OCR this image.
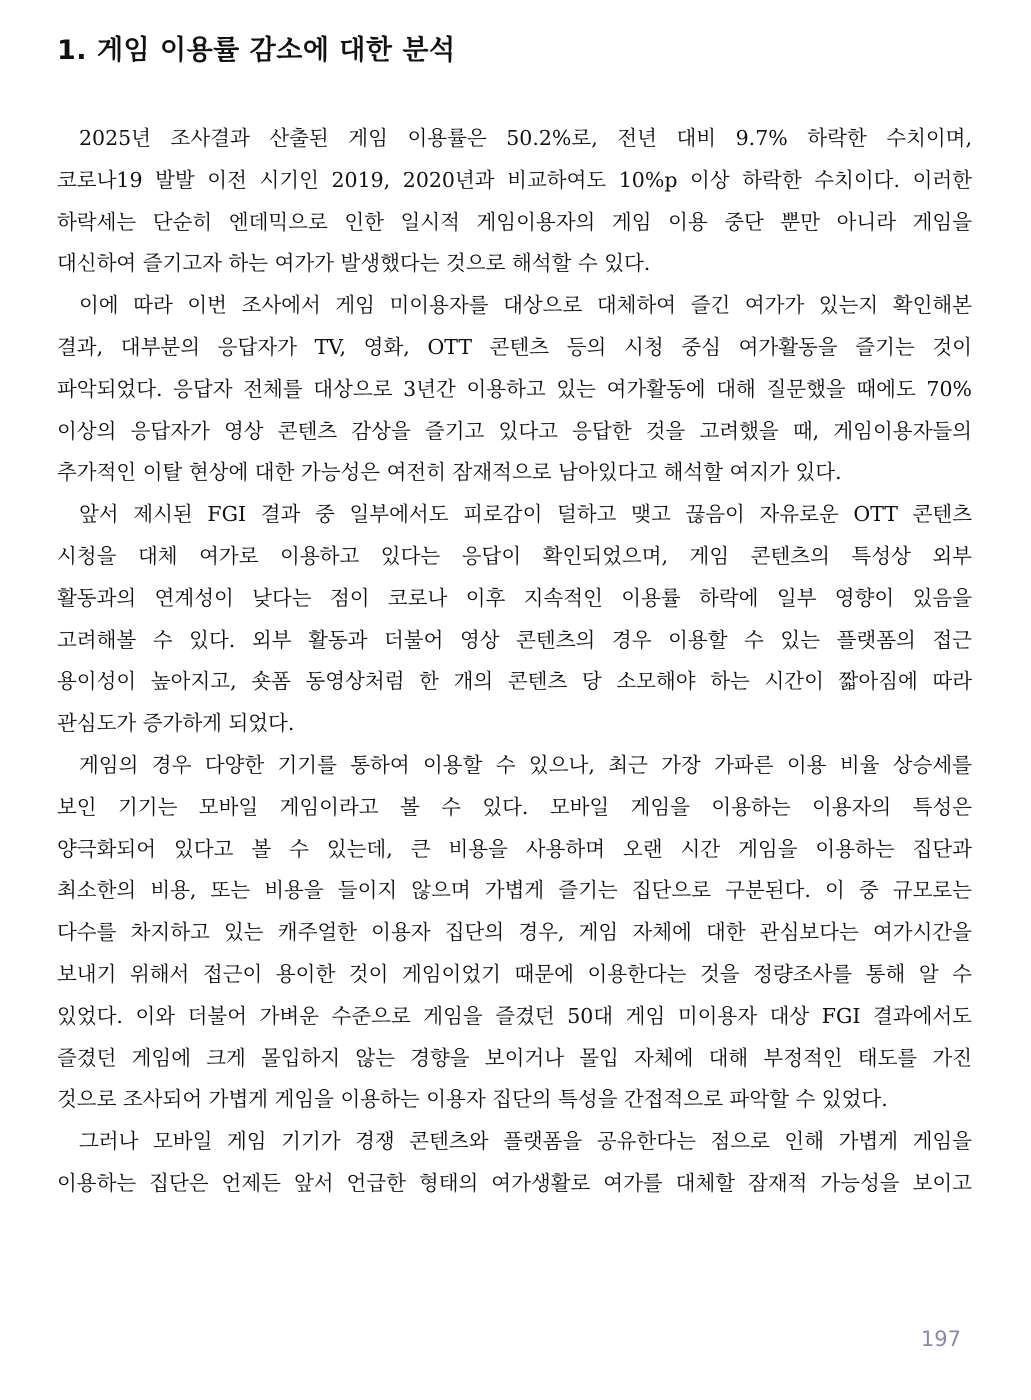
1. 게임 이용률 감소에 대한 분석

2025년 조사결과 산출된 게임 이용률은 50.2%로, 전년 대비 9.7% 하락한 수치이며,
코로나19 발발 이전 시기인 2019, 2020년과 비교하여도 10%p 이상 하락한 수치이다. 이러한
하락세는 단순히 엔데믹으로 인한 일시적 게임이용자의 게임 이용 중단 뿐만 아니라 게임을
대신하여 즐기고자 하는 여가가 발생했다는 것으로 해석할 수 있다.

이에 따라 이번 조사에서 게임 미이용자를 대상으로 대체하여 즐긴 여가가 있는지 확인해본
결과, 대부분의 응답자가 TV, 영화, OTT 콘텐츠 등의 시청 중심 여가활동을 즐기는 것이
파악되었다. 응답자 전체를 대상으로 3년간 이용하고 있는 여가활동에 대해 질문했을 때에도 70%
이상의 응답자가 영상 콘텐츠 감상을 즐기고 있다고 응답한 것을 고려했을 때, 게임이용자들의
추가적인 이탈 현상에 대한 가능성은 여전히 잠재적으로 남아있다고 해석할 여지가 있다.

앞서 제시된 FGI 결과 중 일부에서도 피로감이 덜하고 맺고 끊음이 자유로운 OTT 콘텐츠
시청을 대체 여가로 이용하고 있다는 응답이 확인되었으며, 게임 콘텐츠의 특성상 외부
활동과의 연계성이 낮다는 점이 코로나 이후 지속적인 이용률 하락에 일부 영향이 있음을
고려해볼 수 있다. 외부 활동과 더불어 영상 콘텐츠의 경우 이용할 수 있는 플랫폼의 접근
용이성이 높아지고, 숏폼 동영상처럼 한 개의 콘텐츠 당 소모해야 하는 시간이 짧아짐에 따라
관심도가 증가하게 되었다.

게임의 경우 다양한 기기를 통하여 이용할 수 있으나, 최근 가장 가파른 이용 비율 상승세를
보인 기기는 모바일 게임이라고 볼 수 있다. 모바일 게임을 이용하는 이용자의 특성은
양극화되어 있다고 볼 수 있는데, 큰 비용을 사용하며 오랜 시간 게임을 이용하는 집단과
최소한의 비용, 또는 비용을 들이지 않으며 가볍게 즐기는 집단으로 구분된다. 이 중 규모로는
다수를 차지하고 있는 캐주얼한 이용자 집단의 경우, 게임 자체에 대한 관심보다는 여가시간을
보내기 위해서 접근이 용이한 것이 게임이었기 때문에 이용한다는 것을 정량조사를 통해 알 수
있었다. 이와 더불어 가벼운 수준으로 게임을 즐겼던 50대 게임 미이용자 대상 FGI 결과에서도
즐겼던 게임에 크게 몰입하지 않는 경향을 보이거나 몰입 자체에 대해 부정적인 태도를 가진
것으로 조사되어 가볍게 게임을 이용하는 이용자 집단의 특성을 간접적으로 파악할 수 있었다.

그러나 모바일 게임 기기가 경쟁 콘텐츠와 플랫폼을 공유한다는 점으로 인해 가볍게 게임을
이용하는 집단은 언제든 앞서 언급한 형태의 여가생활로 여가를 대체할 잠재적 가능성을 보이고

197
